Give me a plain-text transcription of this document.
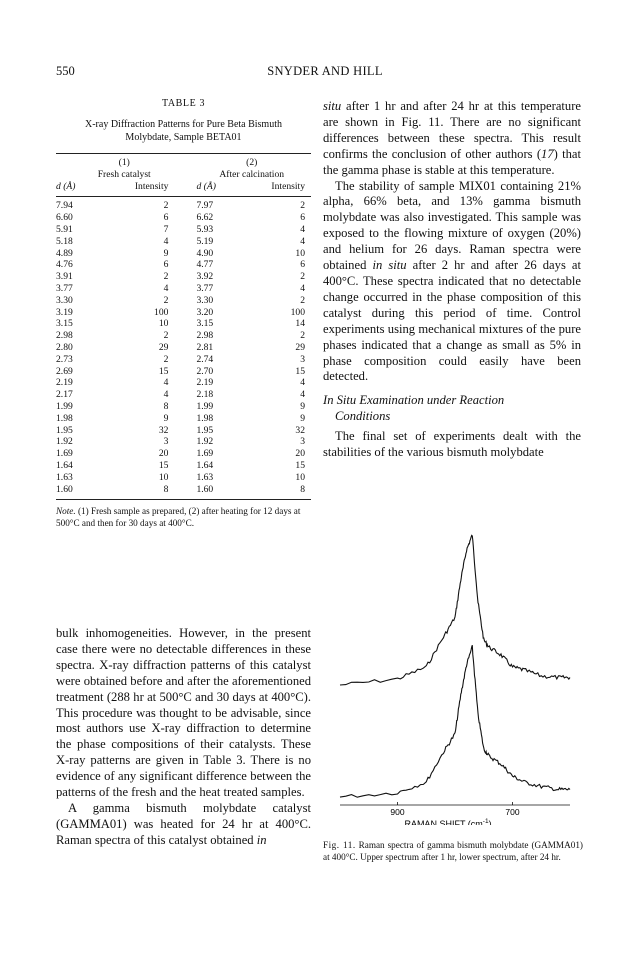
550	SNYDER AND HILL
TABLE 3
X-ray Diffraction Patterns for Pure Beta Bismuth
Molybdate, Sample BETA01
(1)		(2)	
Fresh catalyst		After calcination	
d (Å)	Intensity	d (Å)	Intensity
7.94	2	7.97	2
6.60	6	6.62	6
5.91	7	5.93	4
5.18	4	5.19	4
4.89	9	4.90	10
4.76	6	4.77	6
3.91	2	3.92	2
3.77	4	3.77	4
3.30	2	3.30	2
3.19	100	3.20	100
3.15	10	3.15	14
2.98	2	2.98	2
2.80	29	2.81	29
2.73	2	2.74	3
2.69	15	2.70	15
2.19	4	2.19	4
2.17	4	2.18	4
1.99	8	1.99	9
1.98	9	1.98	9
1.95	32	1.95	32
1.92	3	1.92	3
1.69	20	1.69	20
1.64	15	1.64	15
1.63	10	1.63	10
1.60	8	1.60	8
Note. (1) Fresh sample as prepared, (2) after heating for 12 days at 500°C and then for 30 days at 400°C.

bulk inhomogeneities. However, in the present case there were no detectable differences in these spectra. X-ray diffraction patterns of this catalyst were obtained before and after the aforementioned treatment (288 hr at 500°C and 30 days at 400°C). This procedure was thought to be advisable, since most authors use X-ray diffraction to determine the phase compositions of their catalysts. These X-ray patterns are given in Table 3. There is no evidence of any significant difference between the patterns of the fresh and the heat treated samples.

A gamma bismuth molybdate catalyst (GAMMA01) was heated for 24 hr at 400°C. Raman spectra of this catalyst obtained in

situ after 1 hr and after 24 hr at this temperature are shown in Fig. 11. There are no significant differences between these spectra. This result confirms the conclusion of other authors (17) that the gamma phase is stable at this temperature.

The stability of sample MIX01 containing 21% alpha, 66% beta, and 13% gamma bismuth molybdate was also investigated. This sample was exposed to the flowing mixture of oxygen (20%) and helium for 26 days. Raman spectra were obtained in situ after 2 hr and after 26 days at 400°C. These spectra indicated that no detectable change occurred in the phase composition of this catalyst during this period of time. Control experiments using mechanical mixtures of the pure phases indicated that a change as small as 5% in phase composition could easily have been detected.

In Situ Examination under Reaction
Conditions

The final set of experiments dealt with the stabilities of the various bismuth molybdate

900	700
RAMAN SHIFT $(cm^{-1})$
Fig. 11. Raman spectra of gamma bismuth molybdate (GAMMA01) at 400°C. Upper spectrum after 1 hr, lower spectrum, after 24 hr.
